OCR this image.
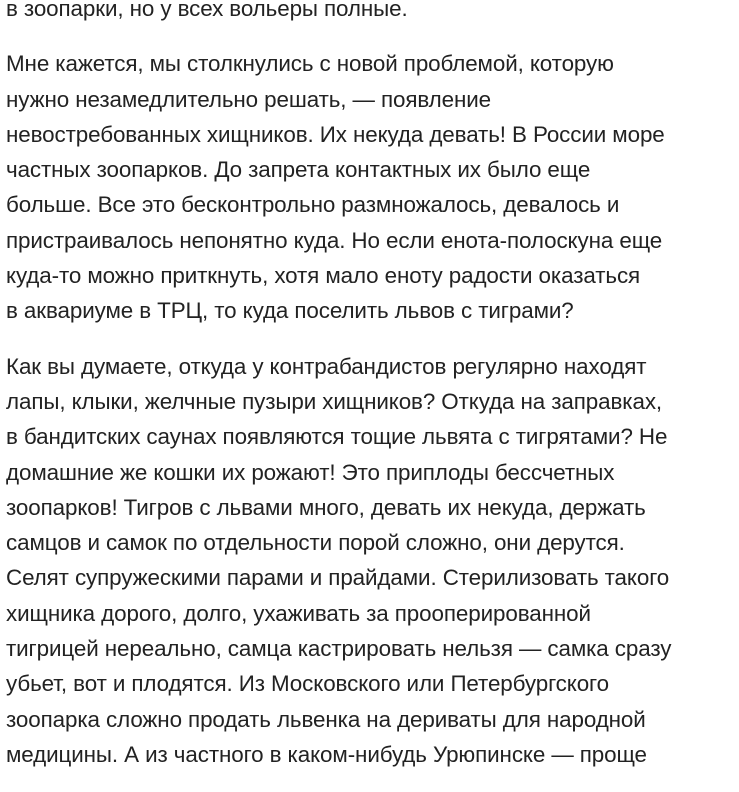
в зоопарки, но у всех вольеры полные.

Мне кажется, мы столкнулись с новой проблемой, которую
нужно незамедлительно решать, — появление
невостребованных хищников. Их некуда девать! В России море
частных зоопарков. До запрета контактных их было еще
больше. Все это бесконтрольно размножалось, девалось и
пристраивалось непонятно куда. Но если енота-полоскуна еще
куда-то можно приткнуть, хотя мало еноту радости оказаться
в аквариуме в ТРЦ, то куда поселить львов с тиграми?

Как вы думаете, откуда у контрабандистов регулярно находят
лапы, клыки, желчные пузыри хищников? Откуда на заправках,
в бандитских саунах появляются тощие львята с тигрятами? Не
домашние же кошки их рожают! Это приплоды бессчетных
зоопарков! Тигров с львами много, девать их некуда, держать
самцов и самок по отдельности порой сложно, они дерутся.
Селят супружескими парами и прайдами. Стерилизовать такого
хищника дорого, долго, ухаживать за прооперированной
тигрицей нереально, самца кастрировать нельзя — самка сразу
убьет, вот и плодятся. Из Московского или Петербургского
зоопарка сложно продать львенка на дериваты для народной
медицины. А из частного в каком-нибудь Урюпинске — проще
